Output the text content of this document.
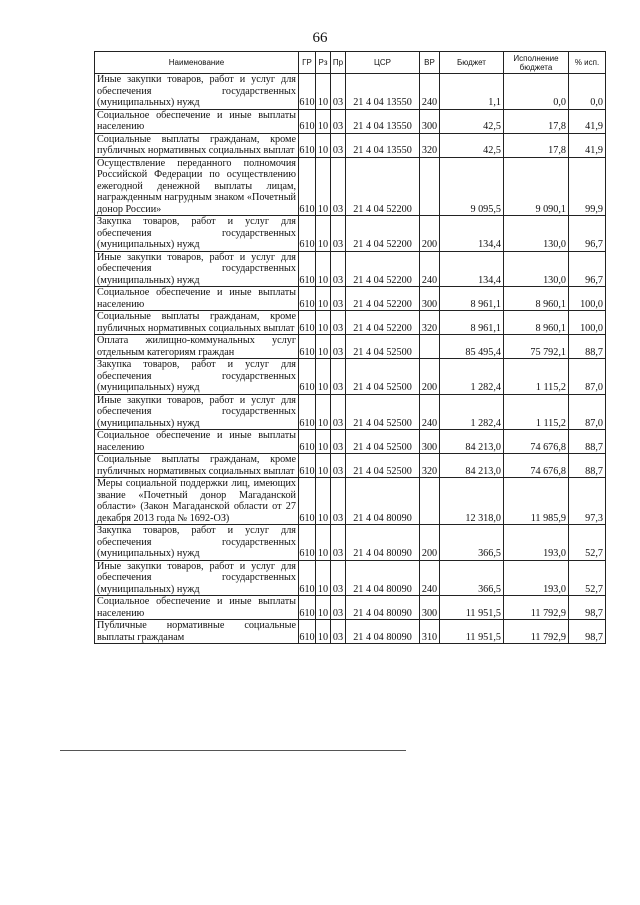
66
Наименование	ГР	Рз	Пр	ЦСР	ВР	Бюджет	Исполнение бюджета	% исп.
Иные закупки товаров, работ и услуг для обеспечения государственных (муниципальных) нужд	610	10	03	21 4 04 13550	240	1,1	0,0	0,0
Социальное обеспечение и иные выплаты населению	610	10	03	21 4 04 13550	300	42,5	17,8	41,9
Социальные выплаты гражданам, кроме публичных нормативных социальных выплат	610	10	03	21 4 04 13550	320	42,5	17,8	41,9
Осуществление переданного полномочия Российской Федерации по осуществлению ежегодной денежной выплаты лицам, награжденным нагрудным знаком «Почетный донор России»	610	10	03	21 4 04 52200		9 095,5	9 090,1	99,9
Закупка товаров, работ и услуг для обеспечения государственных (муниципальных) нужд	610	10	03	21 4 04 52200	200	134,4	130,0	96,7
Иные закупки товаров, работ и услуг для обеспечения государственных (муниципальных) нужд	610	10	03	21 4 04 52200	240	134,4	130,0	96,7
Социальное обеспечение и иные выплаты населению	610	10	03	21 4 04 52200	300	8 961,1	8 960,1	100,0
Социальные выплаты гражданам, кроме публичных нормативных социальных выплат	610	10	03	21 4 04 52200	320	8 961,1	8 960,1	100,0
Оплата жилищно-коммунальных услуг отдельным категориям граждан	610	10	03	21 4 04 52500		85 495,4	75 792,1	88,7
Закупка товаров, работ и услуг для обеспечения государственных (муниципальных) нужд	610	10	03	21 4 04 52500	200	1 282,4	1 115,2	87,0
Иные закупки товаров, работ и услуг для обеспечения государственных (муниципальных) нужд	610	10	03	21 4 04 52500	240	1 282,4	1 115,2	87,0
Социальное обеспечение и иные выплаты населению	610	10	03	21 4 04 52500	300	84 213,0	74 676,8	88,7
Социальные выплаты гражданам, кроме публичных нормативных социальных выплат	610	10	03	21 4 04 52500	320	84 213,0	74 676,8	88,7
Меры социальной поддержки лиц, имеющих звание «Почетный донор Магаданской области» (Закон Магаданской области от 27 декабря 2013 года № 1692-ОЗ)	610	10	03	21 4 04 80090		12 318,0	11 985,9	97,3
Закупка товаров, работ и услуг для обеспечения государственных (муниципальных) нужд	610	10	03	21 4 04 80090	200	366,5	193,0	52,7
Иные закупки товаров, работ и услуг для обеспечения государственных (муниципальных) нужд	610	10	03	21 4 04 80090	240	366,5	193,0	52,7
Социальное обеспечение и иные выплаты населению	610	10	03	21 4 04 80090	300	11 951,5	11 792,9	98,7
Публичные нормативные социальные выплаты гражданам	610	10	03	21 4 04 80090	310	11 951,5	11 792,9	98,7
